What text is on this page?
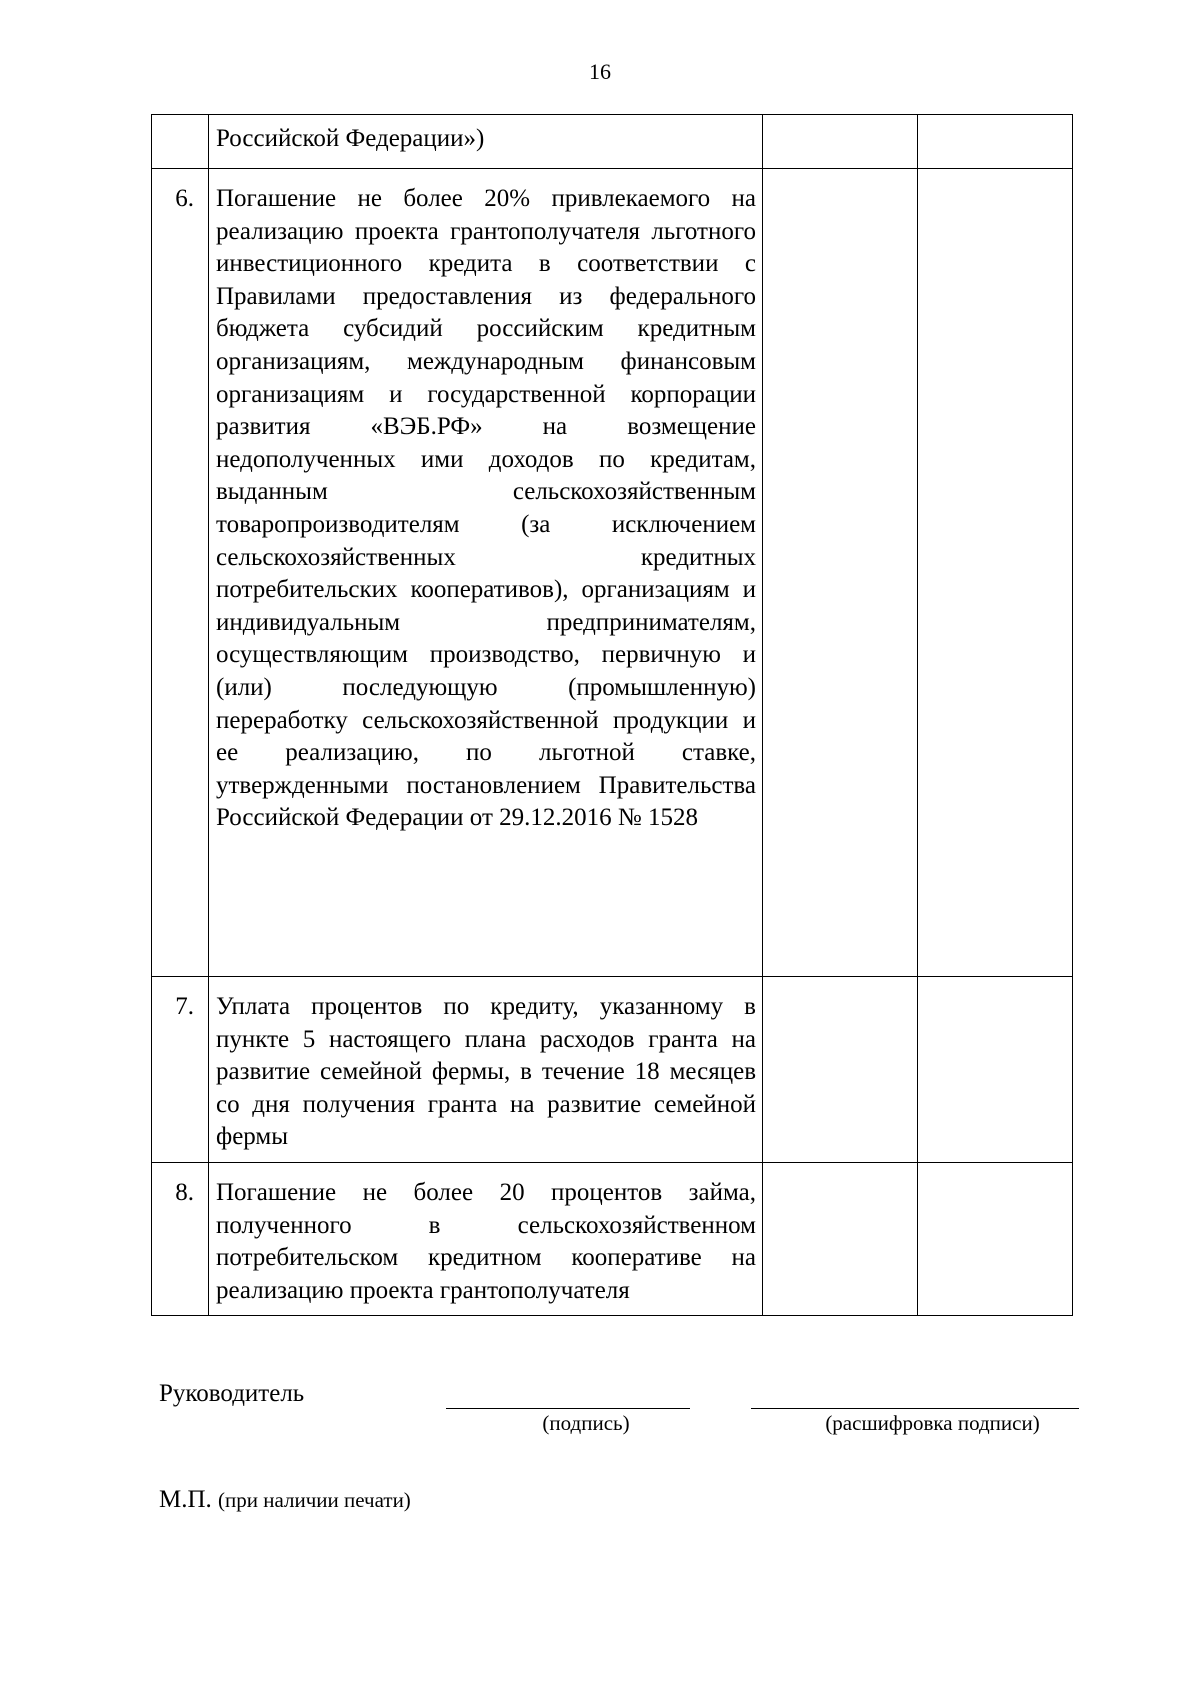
16
	Российской Федерации»)		
6.	Погашение не более 20% привлекаемого на реализацию проекта грантополучателя льготного инвестиционного кредита в соответствии с Правилами предоставления из федерального бюджета субсидий российским кредитным организациям, международным финансовым организациям и государственной корпорации развития «ВЭБ.РФ» на возмещение недополученных ими доходов по кредитам, выданным сельскохозяйственным товаропроизводителям (за исключением сельскохозяйственных кредитных потребительских кооперативов), организациям и индивидуальным предпринимателям, осуществляющим производство, первичную и (или) последующую (промышленную) переработку сельскохозяйственной продукции и ее реализацию, по льготной ставке, утвержденными постановлением Правительства Российской Федерации от 29.12.2016 № 1528		
7.	Уплата процентов по кредиту, указанному в пункте 5 настоящего плана расходов гранта на развитие семейной фермы, в течение 18 месяцев со дня получения гранта на развитие семейной фермы		
8.	Погашение не более 20 процентов займа, полученного в сельскохозяйственном потребительском кредитном кооперативе на реализацию проекта грантополучателя		
Руководитель
(подпись)	(расшифровка подписи)
М.П. (при наличии печати)
